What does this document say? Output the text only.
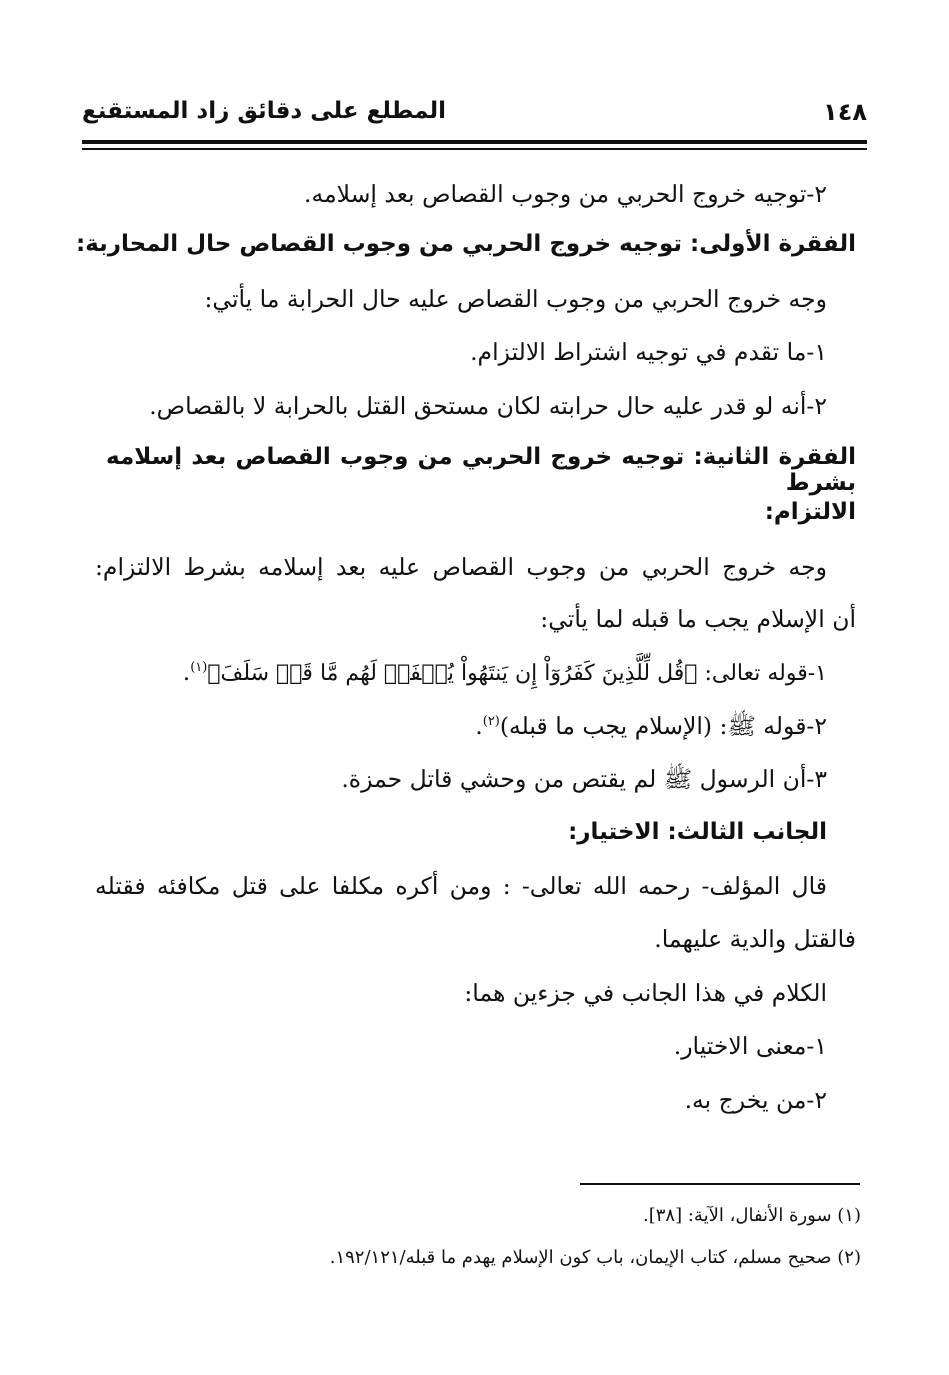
١٤٨
المطلع على دقائق زاد المستقنع
٢-توجيه خروج الحربي من وجوب القصاص بعد إسلامه.
الفقرة الأولى: توجيه خروج الحربي من وجوب القصاص حال المحاربة:
وجه خروج الحربي من وجوب القصاص عليه حال الحرابة ما يأتي:
١-ما تقدم في توجيه اشتراط الالتزام.
٢-أنه لو قدر عليه حال حرابته لكان مستحق القتل بالحرابة لا بالقصاص.
الفقرة الثانية: توجيه خروج الحربي من وجوب القصاص بعد إسلامه بشرط
الالتزام:
وجه خروج الحربي من وجوب القصاص عليه بعد إسلامه بشرط الالتزام:
أن الإسلام يجب ما قبله لما يأتي:
١-قوله تعالى: ﴿قُل لِّلَّذِينَ كَفَرُوٓاْ إِن يَنتَهُواْ يُغۡفَرۡ لَهُم مَّا قَدۡ سَلَفَ﴾$^{(١)}$.
٢-قوله ﷺ: (الإسلام يجب ما قبله)$^{(٢)}$.
٣-أن الرسول ﷺ لم يقتص من وحشي قاتل حمزة.
الجانب الثالث: الاختيار:
قال المؤلف- رحمه الله تعالى- : ومن أكره مكلفا على قتل مكافئه فقتله
فالقتل والدية عليهما.
الكلام في هذا الجانب في جزءين هما:
١-معنى الاختيار.
٢-من يخرج به.
(١) سورة الأنفال، الآية: [٣٨].
(٢) صحيح مسلم، كتاب الإيمان، باب كون الإسلام يهدم ما قبله/١٩٢/١٢١.
